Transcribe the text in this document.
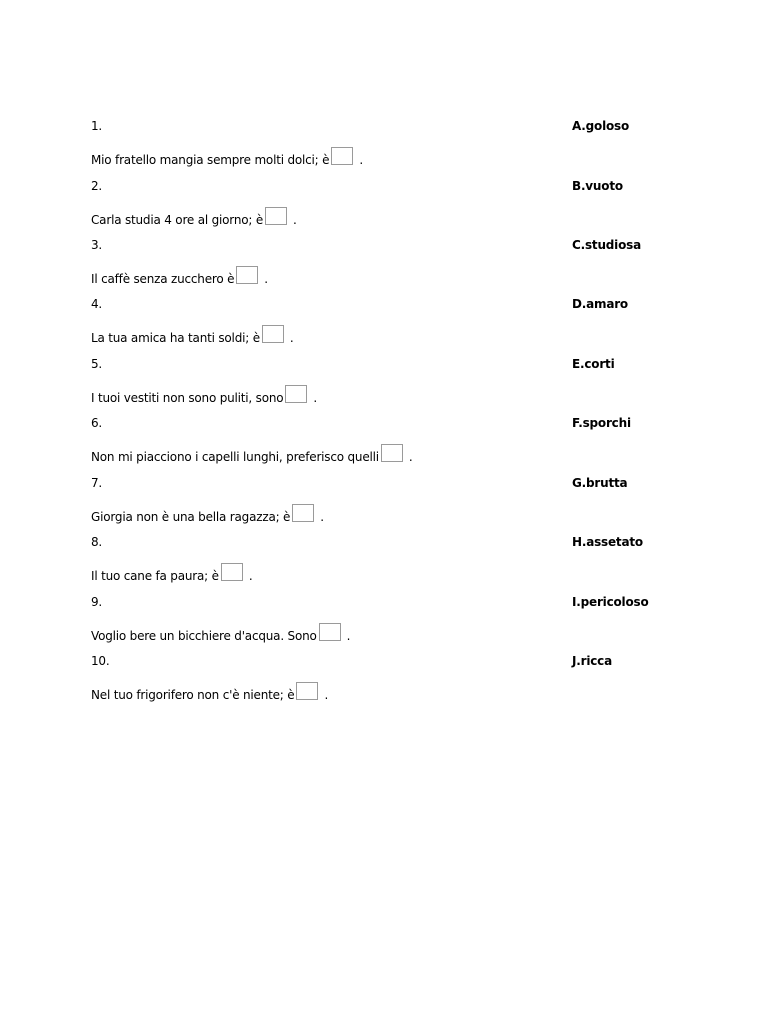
1.
Mio fratello mangia sempre molti dolci; è	.
A.goloso
2.
Carla studia 4 ore al giorno; è	.
B.vuoto
3.
Il caffè senza zucchero è	.
C.studiosa
4.
La tua amica ha tanti soldi; è	.
D.amaro
5.
I tuoi vestiti non sono puliti, sono	.
E.corti
6.
Non mi piacciono i capelli lunghi, preferisco quelli	.
F.sporchi
7.
Giorgia non è una bella ragazza; è	.
G.brutta
8.
Il tuo cane fa paura; è	.
H.assetato
9.
Voglio bere un bicchiere d'acqua. Sono	.
I.pericoloso
10.
Nel tuo frigorifero non c'è niente; è	.
J.ricca
